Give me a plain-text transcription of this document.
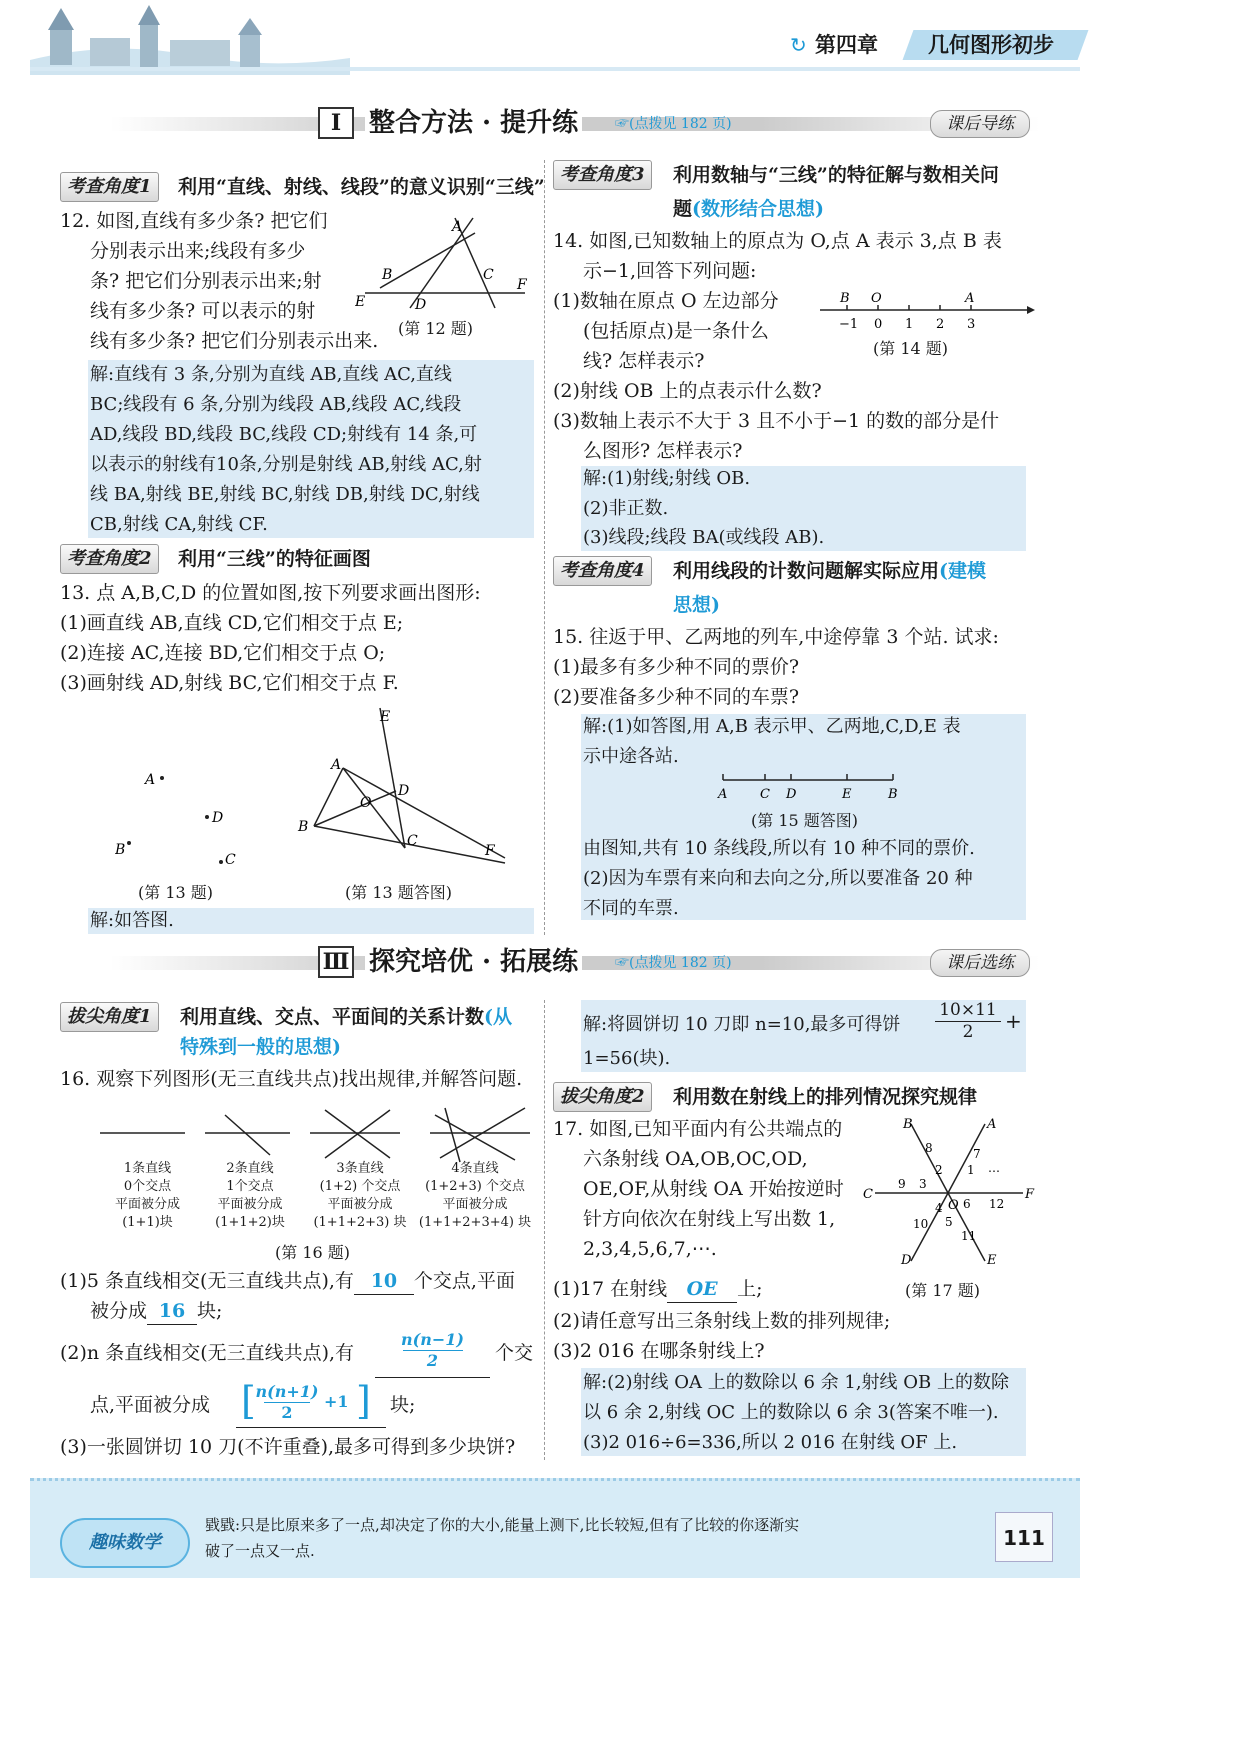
↻ 第四章 几何图形初步
Ⅰ	整合方法 · 提升练	☞(点拨见 182 页)	课后导练
考查角度1	利用“直线、射线、线段”的意义识别“三线”
12. 如图,直线有多少条? 把它们
分别表示出来;线段有多少
条? 把它们分别表示出来;射
线有多少条? 可以表示的射
线有多少条? 把它们分别表示出来.
A
B	C
D
E
F
(第 12 题)
解:直线有 3 条,分别为直线 AB,直线 AC,直线
BC;线段有 6 条,分别为线段 AB,线段 AC,线段
AD,线段 BD,线段 BC,线段 CD;射线有 14 条,可
以表示的射线有10条,分别是射线 AB,射线 AC,射
线 BA,射线 BE,射线 BC,射线 DB,射线 DC,射线
CB,射线 CA,射线 CF.
考查角度2	利用“三线”的特征画图
13. 点 A,B,C,D 的位置如图,按下列要求画出图形:
(1)画直线 AB,直线 CD,它们相交于点 E;
(2)连接 AC,连接 BD,它们相交于点 O;
(3)画射线 AD,射线 BC,它们相交于点 F.
A
D
B
C
E
A
D
O
B
C
F
(第 13 题)	(第 13 题答图)
解:如答图.
考查角度3	利用数轴与“三线”的特征解与数相关问
题(数形结合思想)
14. 如图,已知数轴上的原点为 O,点 A 表示 3,点 B 表
示−1,回答下列问题:
(1)数轴在原点 O 左边部分
(包括原点)是一条什么
线? 怎样表示?
(2)射线 OB 上的点表示什么数?
(3)数轴上表示不大于 3 且不小于−1 的数的部分是什
么图形? 怎样表示?
B O	A
−1 0 1 2 3
(第 14 题)
解:(1)射线;射线 OB.
(2)非正数.
(3)线段;线段 BA(或线段 AB).
考查角度4	利用线段的计数问题解实际应用(建模
思想)
15. 往返于甲、乙两地的列车,中途停靠 3 个站. 试求:
(1)最多有多少种不同的票价?
(2)要准备多少种不同的车票?
解:(1)如答图,用 A,B 表示甲、乙两地,C,D,E 表
示中途各站.
A	C D	E	B
(第 15 题答图)
由图知,共有 10 条线段,所以有 10 种不同的票价.
(2)因为车票有来向和去向之分,所以要准备 20 种
不同的车票.
Ⅲ 探究培优 · 拓展练	☞(点拨见 182 页)	课后选练
拔尖角度1	利用直线、交点、平面间的关系计数(从
特殊到一般的思想)
16. 观察下列图形(无三直线共点)找出规律,并解答问题.
1条直线
0个交点
平面被分成
(1+1)块
2条直线
1个交点
平面被分成
(1+1+2)块
3条直线
(1+2) 个交点
平面被分成
(1+1+2+3) 块
4条直线
(1+2+3) 个交点
平面被分成
(1+1+2+3+4) 块
(第 16 题)
(1)5 条直线相交(无三直线共点),有 10 个交点,平面
被分成 16 块;
(2)n 条直线相交(无三直线共点),有
n(n−1)
2	个交
点,平面被分成 [ n(n+1)
2
+1 ] 块;
(3)一张圆饼切 10 刀(不许重叠),最多可得到多少块饼?
解:将圆饼切 10 刀即 n=10,最多可得饼
10×11
2	+
1=56(块).
拔尖角度2	利用数在射线上的排列情况探究规律
17. 如图,已知平面内有公共端点的
六条射线 OA,OB,OC,OD,
OE,OF,从射线 OA 开始按逆时
针方向依次在射线上写出数 1,
2,3,4,5,6,7,⋯.
B	A
C	F
D	E
O
8
2 1
7
…
9 3
6 12
4
5
10
11
(第 17 题)
(1)17 在射线 OE 上;
(2)请任意写出三条射线上数的排列规律;
(3)2 016 在哪条射线上?
解:(2)射线 OA 上的数除以 6 余 1,射线 OB 上的数除
以 6 余 2,射线 OC 上的数除以 6 余 3(答案不唯一).
(3)2 016÷6=336,所以 2 016 在射线 OF 上.
趣味数学
戥戥:只是比原来多了一点,却决定了你的大小,能量上测下,比长较短,但有了比较的你逐渐实
破了一点又一点.
111
